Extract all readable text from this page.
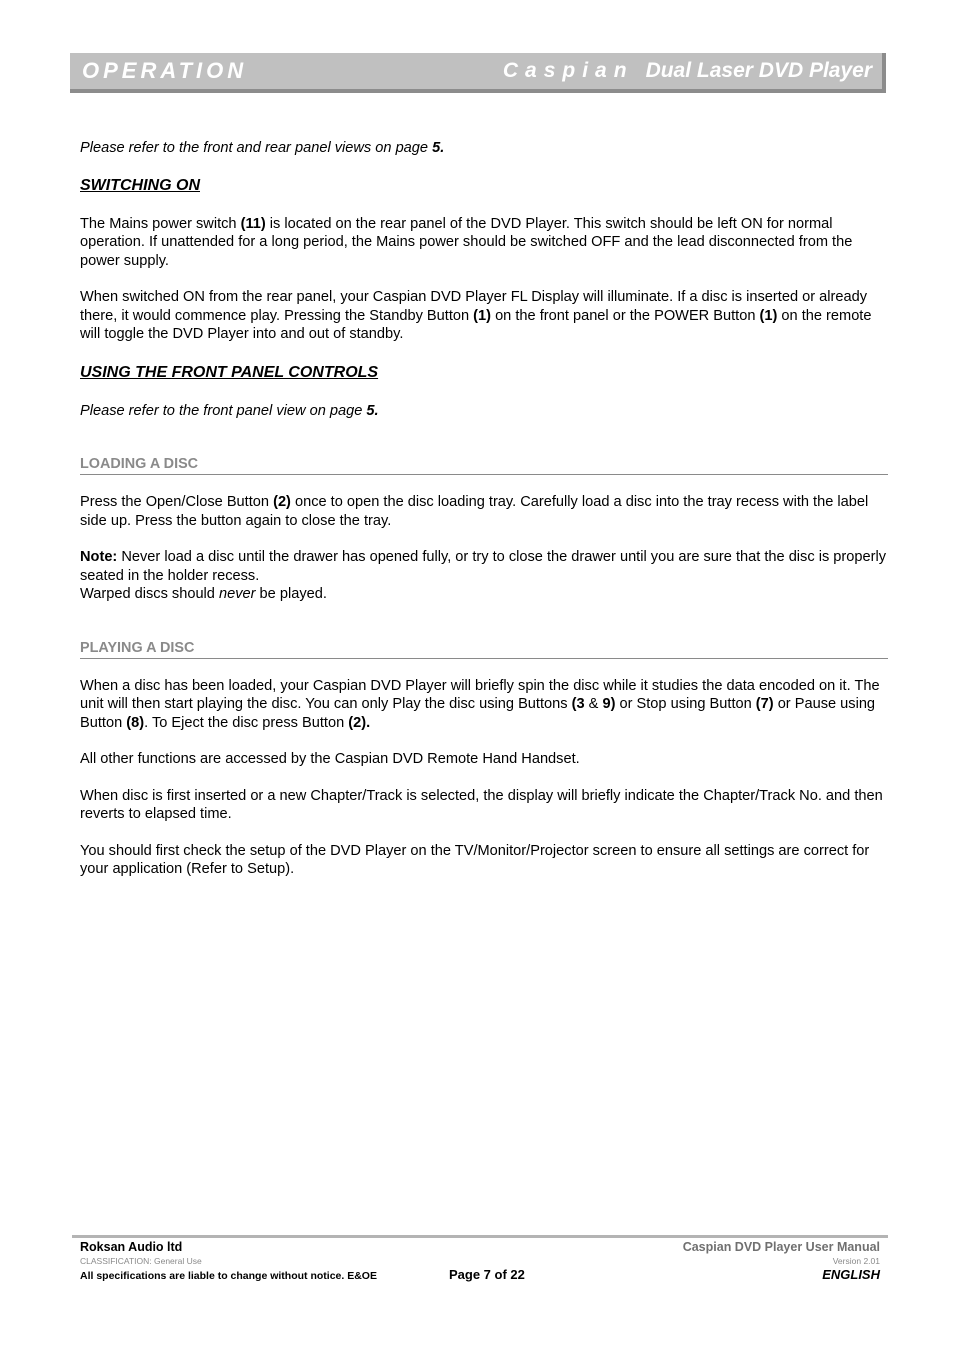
OPERATION	Caspian Dual Laser DVD Player

Please refer to the front and rear panel views on page 5.

SWITCHING ON

The Mains power switch (11) is located on the rear panel of the DVD Player. This switch should be left ON for normal operation. If unattended for a long period, the Mains power should be switched OFF and the lead disconnected from the power supply.

When switched ON from the rear panel, your Caspian DVD Player FL Display will illuminate. If a disc is inserted or already there, it would commence play. Pressing the Standby Button (1) on the front panel or the POWER Button (1) on the remote will toggle the DVD Player into and out of standby.

USING THE FRONT PANEL CONTROLS

Please refer to the front panel view on page 5.

LOADING A DISC

Press the Open/Close Button (2) once to open the disc loading tray. Carefully load a disc into the tray recess with the label side up. Press the button again to close the tray.

Note: Never load a disc until the drawer has opened fully, or try to close the drawer until you are sure that the disc is properly seated in the holder recess.
Warped discs should never be played.

PLAYING A DISC

When a disc has been loaded, your Caspian DVD Player will briefly spin the disc while it studies the data encoded on it. The unit will then start playing the disc. You can only Play the disc using Buttons (3 & 9) or Stop using Button (7) or Pause using Button (8). To Eject the disc press Button (2).

All other functions are accessed by the Caspian DVD Remote Hand Handset.

When disc is first inserted or a new Chapter/Track is selected, the display will briefly indicate the Chapter/Track No. and then reverts to elapsed time.

You should first check the setup of the DVD Player on the TV/Monitor/Projector screen to ensure all settings are correct for your application (Refer to Setup).

Roksan Audio ltd
CLASSIFICATION: General Use
All specifications are liable to change without notice. E&OE	Page 7 of 22
Caspian DVD Player User Manual
Version 2.01
ENGLISH
